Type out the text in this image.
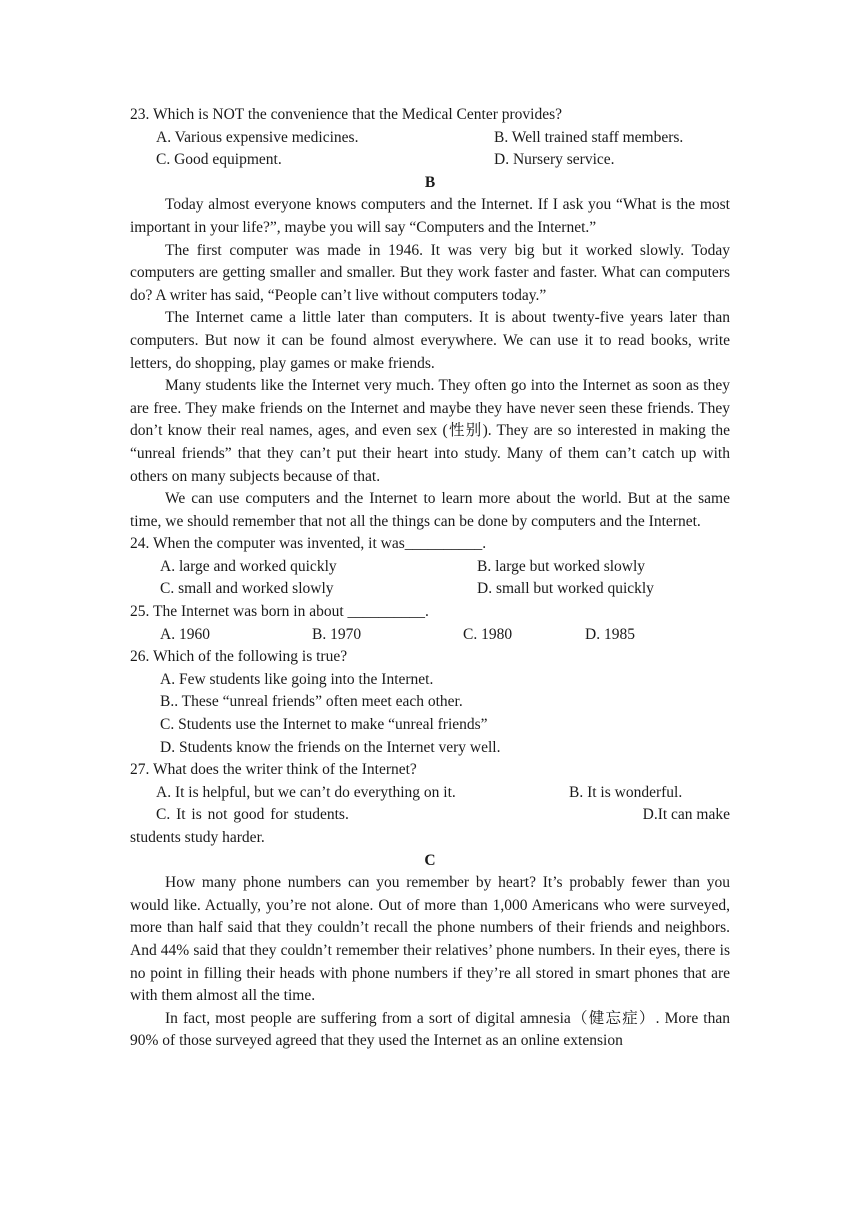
23. Which is NOT the convenience that the Medical Center provides?

A. Various expensive medicines.	B. Well trained staff members.
C. Good equipment.	D. Nursery service.

B

Today almost everyone knows computers and the Internet. If I ask you “What is the most important in your life?”, maybe you will say “Computers and the Internet.”

The first computer was made in 1946. It was very big but it worked slowly. Today computers are getting smaller and smaller. But they work faster and faster. What can computers do? A writer has said, “People can’t live without computers today.”

The Internet came a little later than computers. It is about twenty-five years later than computers. But now it can be found almost everywhere. We can use it to read books, write letters, do shopping, play games or make friends.

Many students like the Internet very much. They often go into the Internet as soon as they are free. They make friends on the Internet and maybe they have never seen these friends. They don’t know their real names, ages, and even sex (性别). They are so interested in making the “unreal friends” that they can’t put their heart into study. Many of them can’t catch up with others on many subjects because of that.

We can use computers and the Internet to learn more about the world. But at the same time, we should remember that not all the things can be done by computers and the Internet.

24. When the computer was invented, it was__________.

A. large and worked quickly	B. large but worked slowly
C. small and worked slowly	D. small but worked quickly

25. The Internet was born in about __________.

A. 1960	B. 1970	C. 1980	D. 1985

26. Which of the following is true?

A. Few students like going into the Internet.

B.. These “unreal friends” often meet each other.

C. Students use the Internet to make “unreal friends”

D. Students know the friends on the Internet very well.

27. What does the writer think of the Internet?

A. It is helpful, but we can’t do everything on it.	B. It is wonderful.

C. It is not good for students.	D.It can make
students study harder.

C

How many phone numbers can you remember by heart? It’s probably fewer than you would like. Actually, you’re not alone. Out of more than 1,000 Americans who were surveyed, more than half said that they couldn’t recall the phone numbers of their friends and neighbors. And 44% said that they couldn’t remember their relatives’ phone numbers. In their eyes, there is no point in filling their heads with phone numbers if they’re all stored in smart phones that are with them almost all the time.

In fact, most people are suffering from a sort of digital amnesia（健忘症）. More than 90% of those surveyed agreed that they used the Internet as an online extension
